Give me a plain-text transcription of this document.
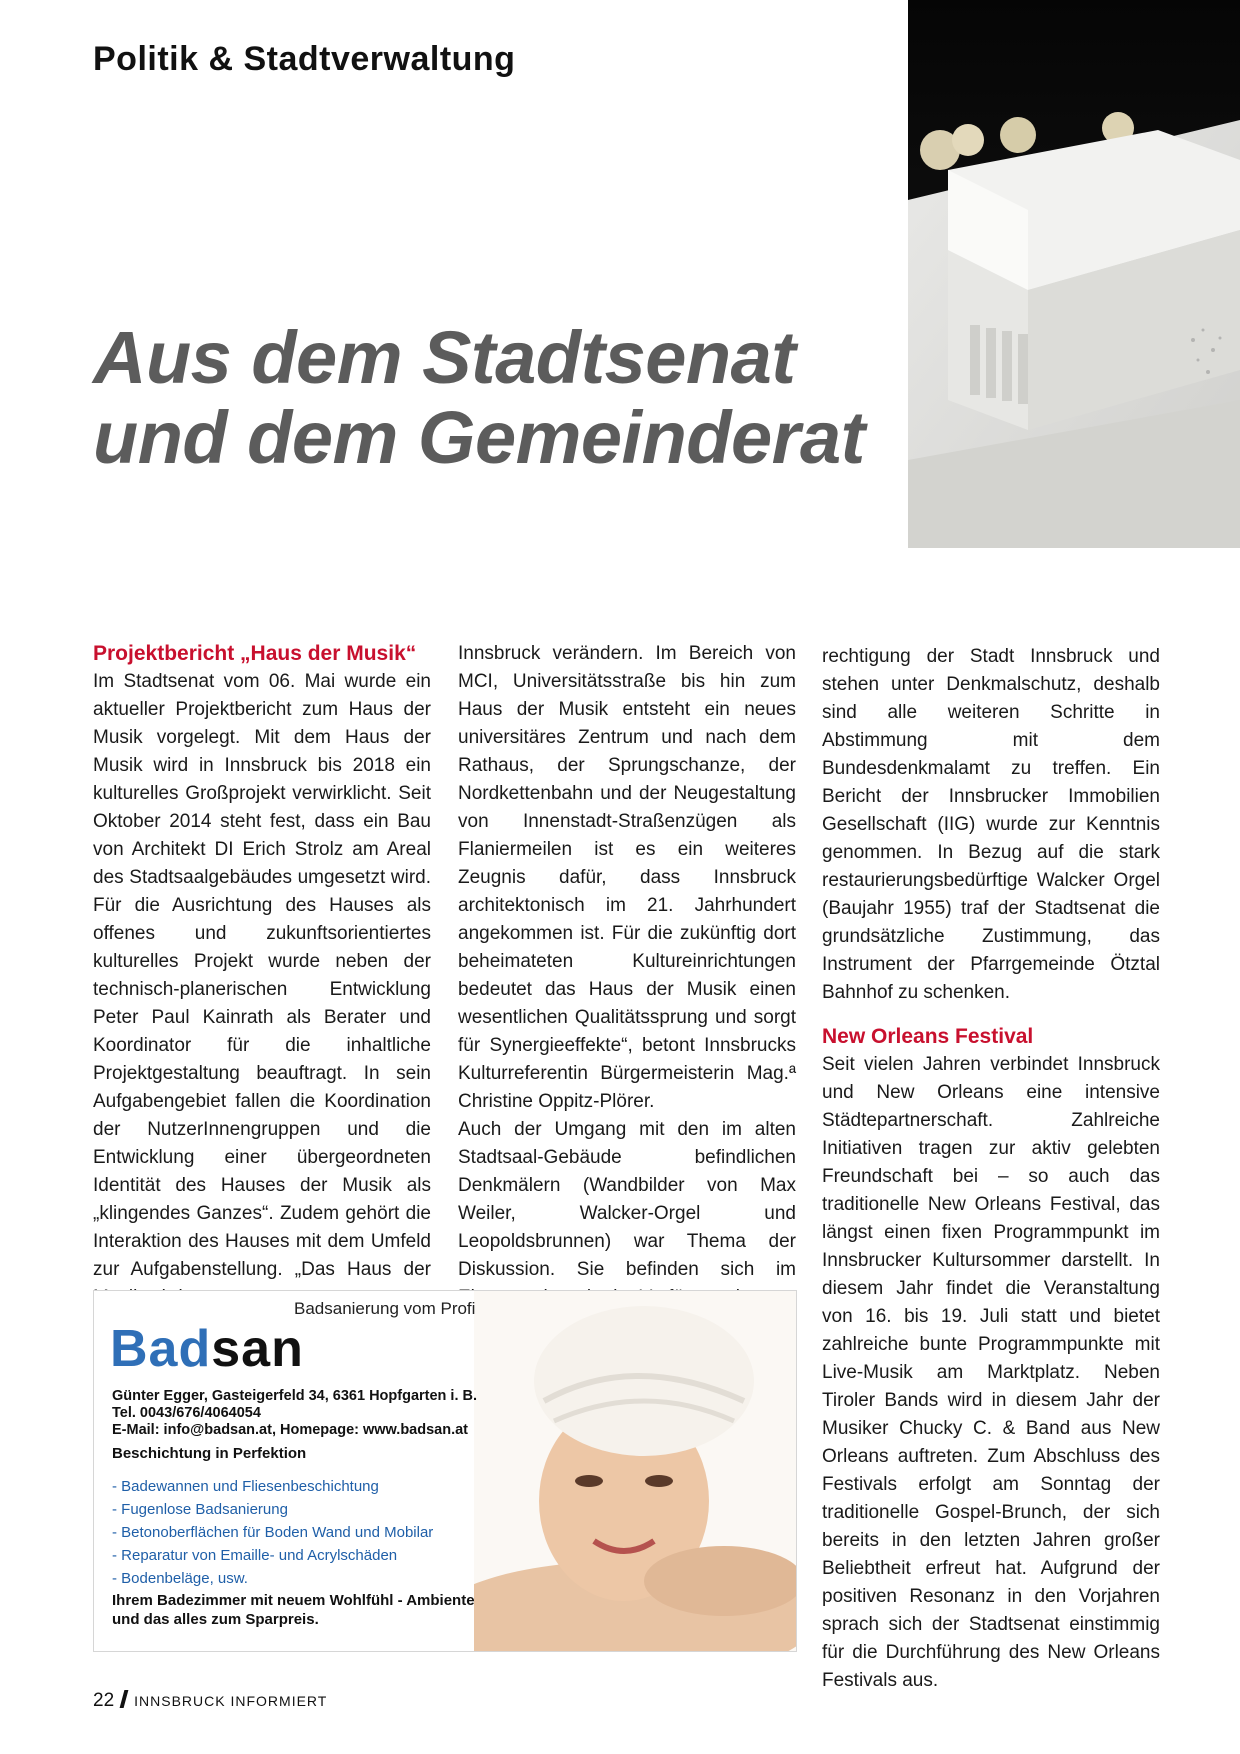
Politik & Stadtverwaltung
Aus dem Stadtsenat
und dem Gemeinderat

Projektbericht „Haus der Musik“

Im Stadtsenat vom 06. Mai wurde ein aktueller Projektbericht zum Haus der Musik vorgelegt. Mit dem Haus der Musik wird in Innsbruck bis 2018 ein kulturelles Großprojekt verwirklicht. Seit Oktober 2014 steht fest, dass ein Bau von Architekt DI Erich Strolz am Areal des Stadtsaalgebäudes umgesetzt wird. Für die Ausrichtung des Hauses als offenes und zukunftsorientiertes kulturelles Projekt wurde neben der technisch-planerischen Entwicklung Peter Paul Kainrath als Berater und Koordinator für die inhaltliche Projektgestaltung beauftragt. In sein Aufgabengebiet fallen die Koordination der NutzerInnengruppen und die Entwicklung einer übergeordneten Identität des Hauses der Musik als „klingendes Ganzes“. Zudem gehört die Interaktion des Hauses mit dem Umfeld zur Aufgabenstellung. „Das Haus der

Innsbruck verändern. Im Bereich von MCI, Universitätsstraße bis hin zum Haus der Musik entsteht ein neues universitäres Zentrum und nach dem Rathaus, der Sprungschanze, der Nordkettenbahn und der Neugestaltung von Innenstadt-Straßenzügen als Flaniermeilen ist es ein weiteres Zeugnis dafür, dass Innsbruck architektonisch im 21. Jahrhundert angekommen ist. Für die zukünftig dort beheimateten Kultureinrichtungen bedeutet das Haus der Musik einen wesentlichen Qualitätssprung und sorgt für Synergieeffekte“, betont Innsbrucks Kulturreferentin Bürgermeisterin Mag.ª Christine Oppitz-Plörer.

Auch der Umgang mit den im alten Stadtsaal-Gebäude befindlichen Denkmälern (Wandbilder von Max Weiler, Walcker-Orgel und Leopoldsbrunnen) war Thema der Diskussion. Sie befinden sich im

rechtigung der Stadt Innsbruck und stehen unter Denkmalschutz, deshalb sind alle weiteren Schritte in Abstimmung mit dem Bundesdenkmalamt zu treffen. Ein Bericht der Innsbrucker Immobilien Gesellschaft (IIG) wurde zur Kenntnis genommen. In Bezug auf die stark restaurierungsbedürftige Walcker Orgel (Baujahr 1955) traf der Stadtsenat die grundsätzliche Zustimmung, das Instrument der Pfarrgemeinde Ötztal Bahnhof zu schenken.

New Orleans Festival

Seit vielen Jahren verbindet Innsbruck und New Orleans eine intensive Städtepartnerschaft. Zahlreiche Initiativen tragen zur aktiv gelebten Freundschaft bei – so auch das traditionelle New Orleans Festival, das längst einen fixen Programmpunkt im Innsbrucker Kultursommer darstellt. In diesem Jahr findet die Veranstaltung von 16. bis 19. Juli statt und bietet zahlreiche bunte Programmpunkte mit Live-Musik am Marktplatz. Neben Tiroler Bands wird in diesem Jahr der Musiker Chucky C. & Band aus New Orleans auftreten. Zum Abschluss des Festivals erfolgt am Sonntag der traditionelle Gospel-Brunch, der sich bereits in den letzten Jahren großer Beliebtheit erfreut hat. Aufgrund der positiven Resonanz in den Vorjahren sprach sich der Stadtsenat einstimmig für die Durchführung des New Orleans Festivals aus.

Badsanierung vom Profi
Badsan
Günter Egger, Gasteigerfeld 34, 6361 Hopfgarten i. B.
Tel. 0043/676/4064054
E-Mail: info@badsan.at, Homepage: www.badsan.at
Beschichtung in Perfektion
- Badewannen und Fliesenbeschichtung
- Fugenlose Badsanierung
- Betonoberflächen für Boden Wand und Mobilar
- Reparatur von Emaille- und Acrylschäden
- Bodenbeläge, usw.
Ihrem Badezimmer mit neuem Wohlfühl - Ambiente
und das alles zum Sparpreis.
22 INNSBRUCK INFORMIERT
